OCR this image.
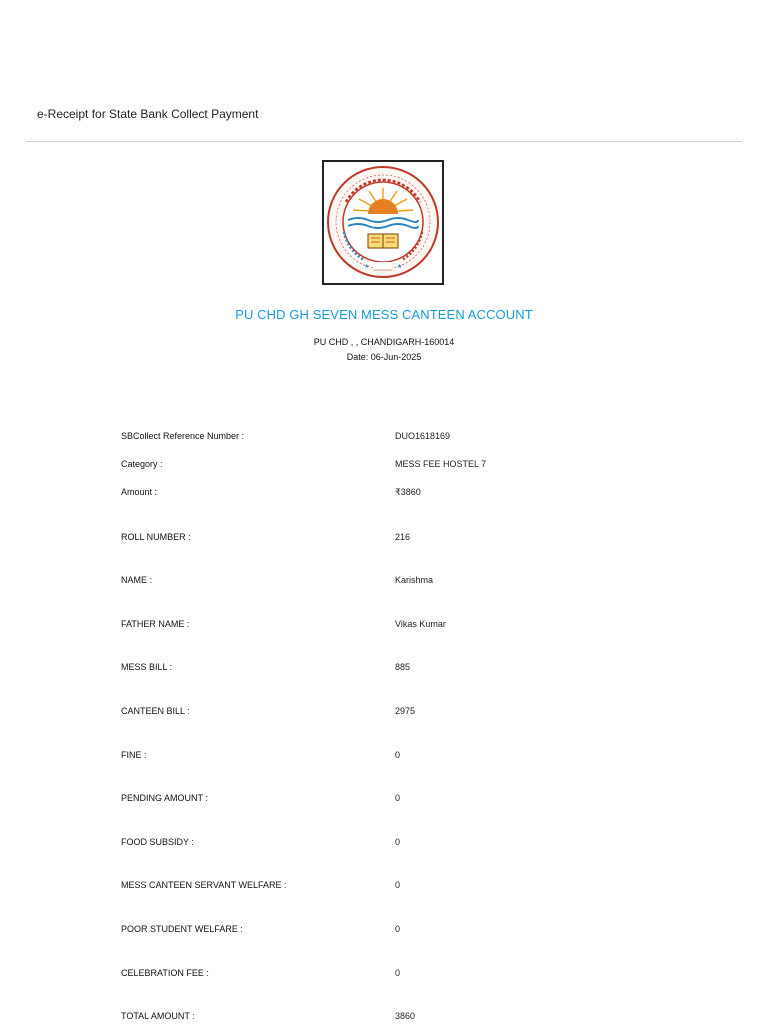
e-Receipt for State Bank Collect Payment
★	★
PU CHD GH SEVEN MESS CANTEEN ACCOUNT
PU CHD , , CHANDIGARH-160014
Date: 06-Jun-2025
SBCollect Reference Number :	DUO1618169
Category :	MESS FEE HOSTEL 7
Amount :	₹3860
ROLL NUMBER :	216
NAME :	Karishma
FATHER NAME :	Vikas Kumar
MESS BILL :	885
CANTEEN BILL :	2975
FINE :	0
PENDING AMOUNT :	0
FOOD SUBSIDY :	0
MESS CANTEEN SERVANT WELFARE :	0
POOR STUDENT WELFARE :	0
CELEBRATION FEE :	0
TOTAL AMOUNT :	3860
